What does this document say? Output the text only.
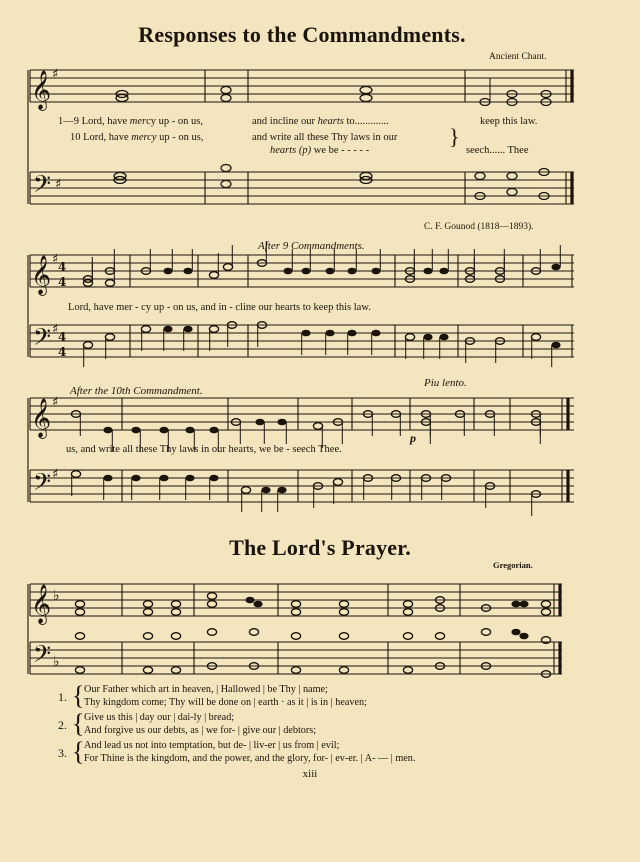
Responses to the Commandments.
Ancient Chant.
𝄞 ♯
𝄢 ♯
𝄞 ♯ 4
4
𝄢 ♯ 4
4
𝄞 ♯
𝄢 ♯
𝄞 ♭
𝄢 ♭
1—9 Lord, have mercy up - on us,	and incline our hearts to.............	keep this law.
10 Lord, have mercy up - on us,	and write all these Thy laws in our
hearts (p) we be - - - - -	seech...... Thee
}
C. F. Gounod (1818—1893).
After 9 Commandments.
Lord, have mer - cy up - on us, and in - cline our hearts to keep this law.
After the 10th Commandment.
Piu lento.
p
us, and write all these Thy laws in our hearts, we be - seech Thee.
The Lord's Prayer.
Gregorian.
1. { Our Father which art in heaven, | Hallowed | be Thy | name;
Thy kingdom come; Thy will be done on | earth · as it | is in | heaven;
2. { Give us this | day our | dai-ly | bread;
And forgive us our debts, as | we for- | give our | debtors;
3. { And lead us not into temptation, but de- | liv-er | us from | evil;
For Thine is the kingdom, and the power, and the glory, for- | ev-er. | A- — | men.
xiii
